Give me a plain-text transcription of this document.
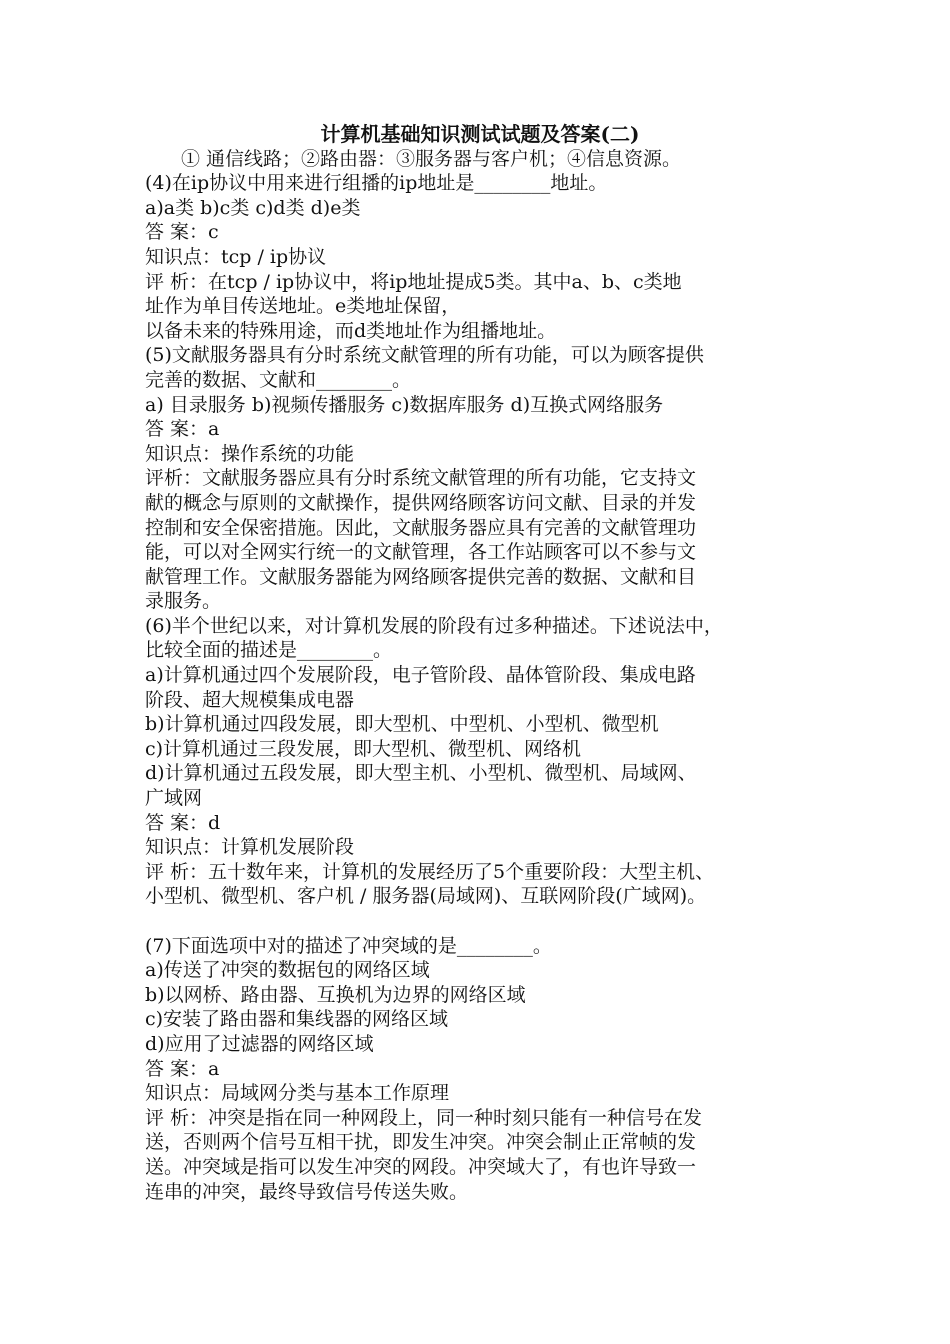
计算机基础知识测试试题及答案(二)
① 通信线路；②路由器：③服务器与客户机；④信息资源。
(4)在ip协议中用来进行组播的ip地址是________地址。
a)a类 b)c类 c)d类 d)e类
答 案：c
知识点：tcp / ip协议
评 析：在tcp / ip协议中，将ip地址提成5类。其中a、b、c类地
址作为单目传送地址。e类地址保留，
以备未来的特殊用途，而d类地址作为组播地址。
(5)文献服务器具有分时系统文献管理的所有功能，可以为顾客提供
完善的数据、文献和________。
a) 目录服务 b)视频传播服务 c)数据库服务 d)互换式网络服务
答 案：a
知识点：操作系统的功能
评析：文献服务器应具有分时系统文献管理的所有功能，它支持文
献的概念与原则的文献操作，提供网络顾客访问文献、目录的并发
控制和安全保密措施。因此，文献服务器应具有完善的文献管理功
能，可以对全网实行统一的文献管理，各工作站顾客可以不参与文
献管理工作。文献服务器能为网络顾客提供完善的数据、文献和目
录服务。
(6)半个世纪以来，对计算机发展的阶段有过多种描述。下述说法中，
比较全面的描述是________。
a)计算机通过四个发展阶段，电子管阶段、晶体管阶段、集成电路
阶段、超大规模集成电器
b)计算机通过四段发展，即大型机、中型机、小型机、微型机
c)计算机通过三段发展，即大型机、微型机、网络机
d)计算机通过五段发展，即大型主机、小型机、微型机、局域网、
广域网
答 案：d
知识点：计算机发展阶段
评 析：五十数年来，计算机的发展经历了5个重要阶段：大型主机、
小型机、微型机、客户机 / 服务器(局域网)、互联网阶段(广域网)。
(7)下面选项中对的描述了冲突域的是________。
a)传送了冲突的数据包的网络区域
b)以网桥、路由器、互换机为边界的网络区域
c)安装了路由器和集线器的网络区域
d)应用了过滤器的网络区域
答 案：a
知识点：局域网分类与基本工作原理
评 析：冲突是指在同一种网段上，同一种时刻只能有一种信号在发
送，否则两个信号互相干扰，即发生冲突。冲突会制止正常帧的发
送。冲突域是指可以发生冲突的网段。冲突域大了，有也许导致一
连串的冲突，最终导致信号传送失败。
